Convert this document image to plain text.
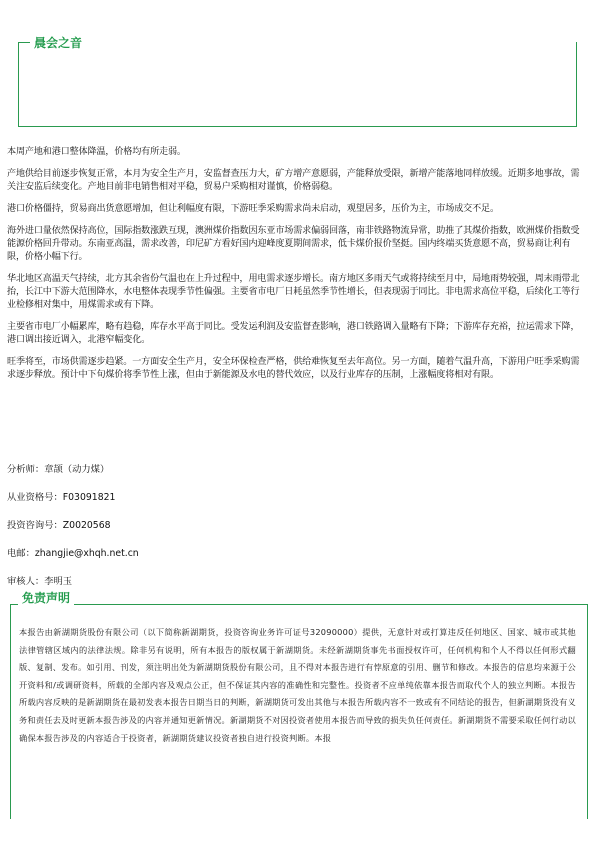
晨会之音

本周产地和港口整体降温，价格均有所走弱。

产地供给目前逐步恢复正常，本月为安全生产月，安监督查压力大，矿方增产意愿弱，产能释放受限，新增产能落地同样放缓。近期多地事故，需关注安监后续变化。产地目前非电销售相对平稳，贸易户采购相对谨慎，价格弱稳。

港口价格僵持，贸易商出货意愿增加，但让利幅度有限，下游旺季采购需求尚未启动，观望居多，压价为主，市场成交不足。

海外进口量依然保持高位，国际指数涨跌互现，澳洲煤价指数因东亚市场需求偏弱回落，南非铁路物流异常，助推了其煤价指数，欧洲煤价指数受能源价格回升带动。东南亚高温，需求改善，印尼矿方看好国内迎峰度夏期间需求，低卡煤价报价坚挺。国内终端买货意愿不高，贸易商让利有限，价格小幅下行。

华北地区高温天气持续，北方其余省份气温也在上升过程中，用电需求逐步增长。南方地区多雨天气或将持续至月中，局地雨势较强，周末雨带北抬，长江中下游大范围降水，水电整体表现季节性偏强。主要省市电厂日耗虽然季节性增长，但表现弱于同比。非电需求高位平稳，后续化工等行业检修相对集中，用煤需求或有下降。

主要省市电厂小幅累库，略有趋稳，库存水平高于同比。受发运利润及安监督查影响，港口铁路调入量略有下降；下游库存充裕，拉运需求下降，港口调出接近调入，北港窄幅变化。

旺季将至，市场供需逐步趋紧。一方面安全生产月，安全环保检查严格，供给难恢复至去年高位。另一方面，随着气温升高，下游用户旺季采购需求逐步释放。预计中下旬煤价将季节性上涨，但由于新能源及水电的替代效应，以及行业库存的压制，上涨幅度将相对有限。

分析师：章颉（动力煤）
从业资格号：F03091821
投资咨询号：Z0020568
电邮：zhangjie@xhqh.net.cn
审核人：李明玉
免责声明
本报告由新湖期货股份有限公司（以下简称新湖期货，投资咨询业务许可证号32090000）提供，无意针对或打算违反任何地区、国家、城市或其他法律管辖区域内的法律法规。除非另有说明，所有本报告的版权属于新湖期货。未经新湖期货事先书面授权许可，任何机构和个人不得以任何形式翻版、复制、发布。如引用、刊发，须注明出处为新湖期货股份有限公司，且不得对本报告进行有悖原意的引用、删节和修改。本报告的信息均来源于公开资料和/或调研资料，所载的全部内容及观点公正，但不保证其内容的准确性和完整性。投资者不应单纯依靠本报告而取代个人的独立判断。本报告所载内容反映的是新湖期货在最初发表本报告日期当日的判断，新湖期货可发出其他与本报告所载内容不一致或有不同结论的报告，但新湖期货没有义务和责任去及时更新本报告涉及的内容并通知更新情况。新湖期货不对因投资者使用本报告而导致的损失负任何责任。新湖期货不需要采取任何行动以确保本报告涉及的内容适合于投资者，新湖期货建议投资者独自进行投资判断。本报
